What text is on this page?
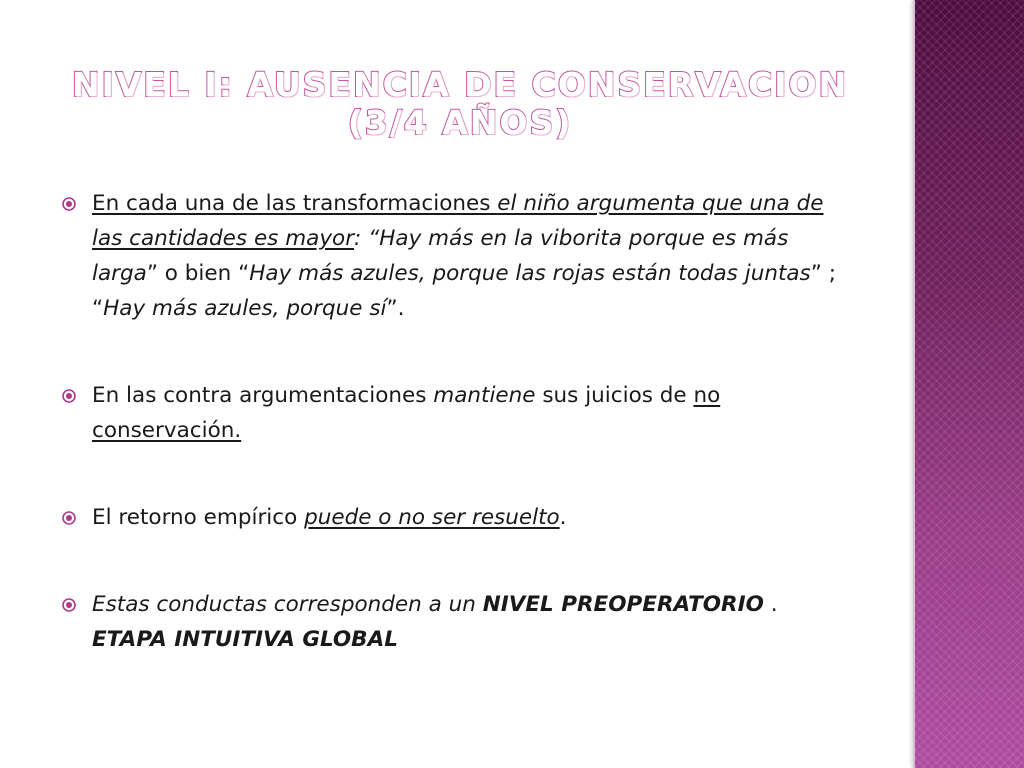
NIVEL I: AUSENCIA DE CONSERVACION
(3/4 AÑOS)
En cada una de las transformaciones el niño argumenta que una de las cantidades es mayor: “Hay más en la viborita porque es más larga” o bien “Hay más azules, porque las rojas están todas juntas” ; “Hay más azules, porque sí”.
En las contra argumentaciones mantiene sus juicios de no conservación.
El retorno empírico puede o no ser resuelto.
Estas conductas corresponden a un NIVEL PREOPERATORIO . ETAPA INTUITIVA GLOBAL
